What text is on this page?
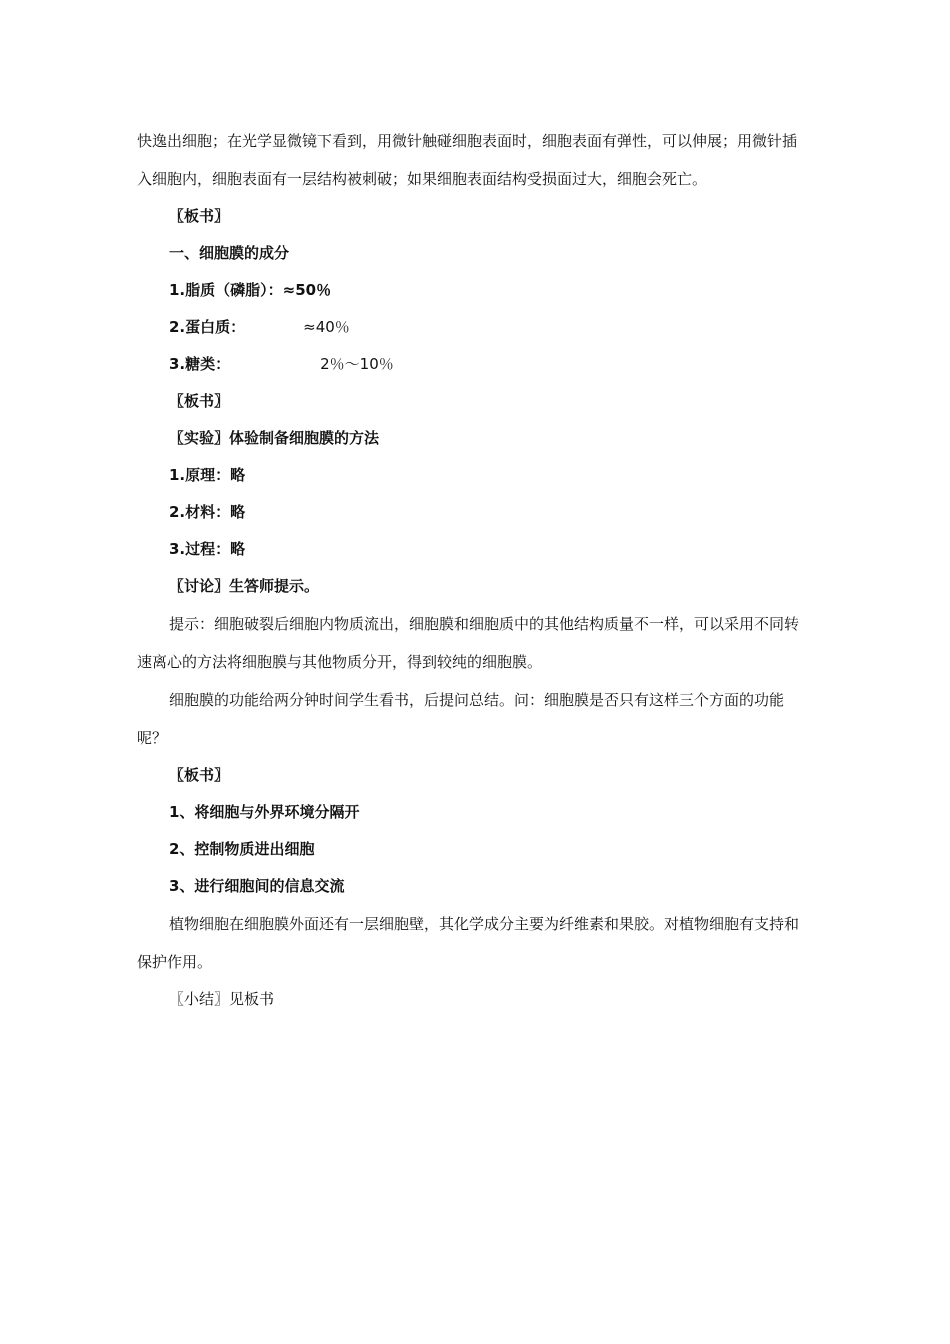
快逸出细胞；在光学显微镜下看到，用微针触碰细胞表面时，细胞表面有弹性，可以伸展；用微针插入细胞内，细胞表面有一层结构被刺破；如果细胞表面结构受损面过大，细胞会死亡。

〖板书〗

一、细胞膜的成分

1.脂质（磷脂）：≈50％

2.蛋白质：	≈40％

3.糖类：	2％～10％

〖板书〗

〖实验〗体验制备细胞膜的方法

1.原理：略

2.材料：略

3.过程：略

〖讨论〗生答师提示。

提示：细胞破裂后细胞内物质流出，细胞膜和细胞质中的其他结构质量不一样，可以采用不同转速离心的方法将细胞膜与其他物质分开，得到较纯的细胞膜。

细胞膜的功能给两分钟时间学生看书，后提问总结。问：细胞膜是否只有这样三个方面的功能呢？

〖板书〗

1、将细胞与外界环境分隔开

2、控制物质进出细胞

3、进行细胞间的信息交流

植物细胞在细胞膜外面还有一层细胞壁，其化学成分主要为纤维素和果胶。对植物细胞有支持和保护作用。

〖小结〗见板书
